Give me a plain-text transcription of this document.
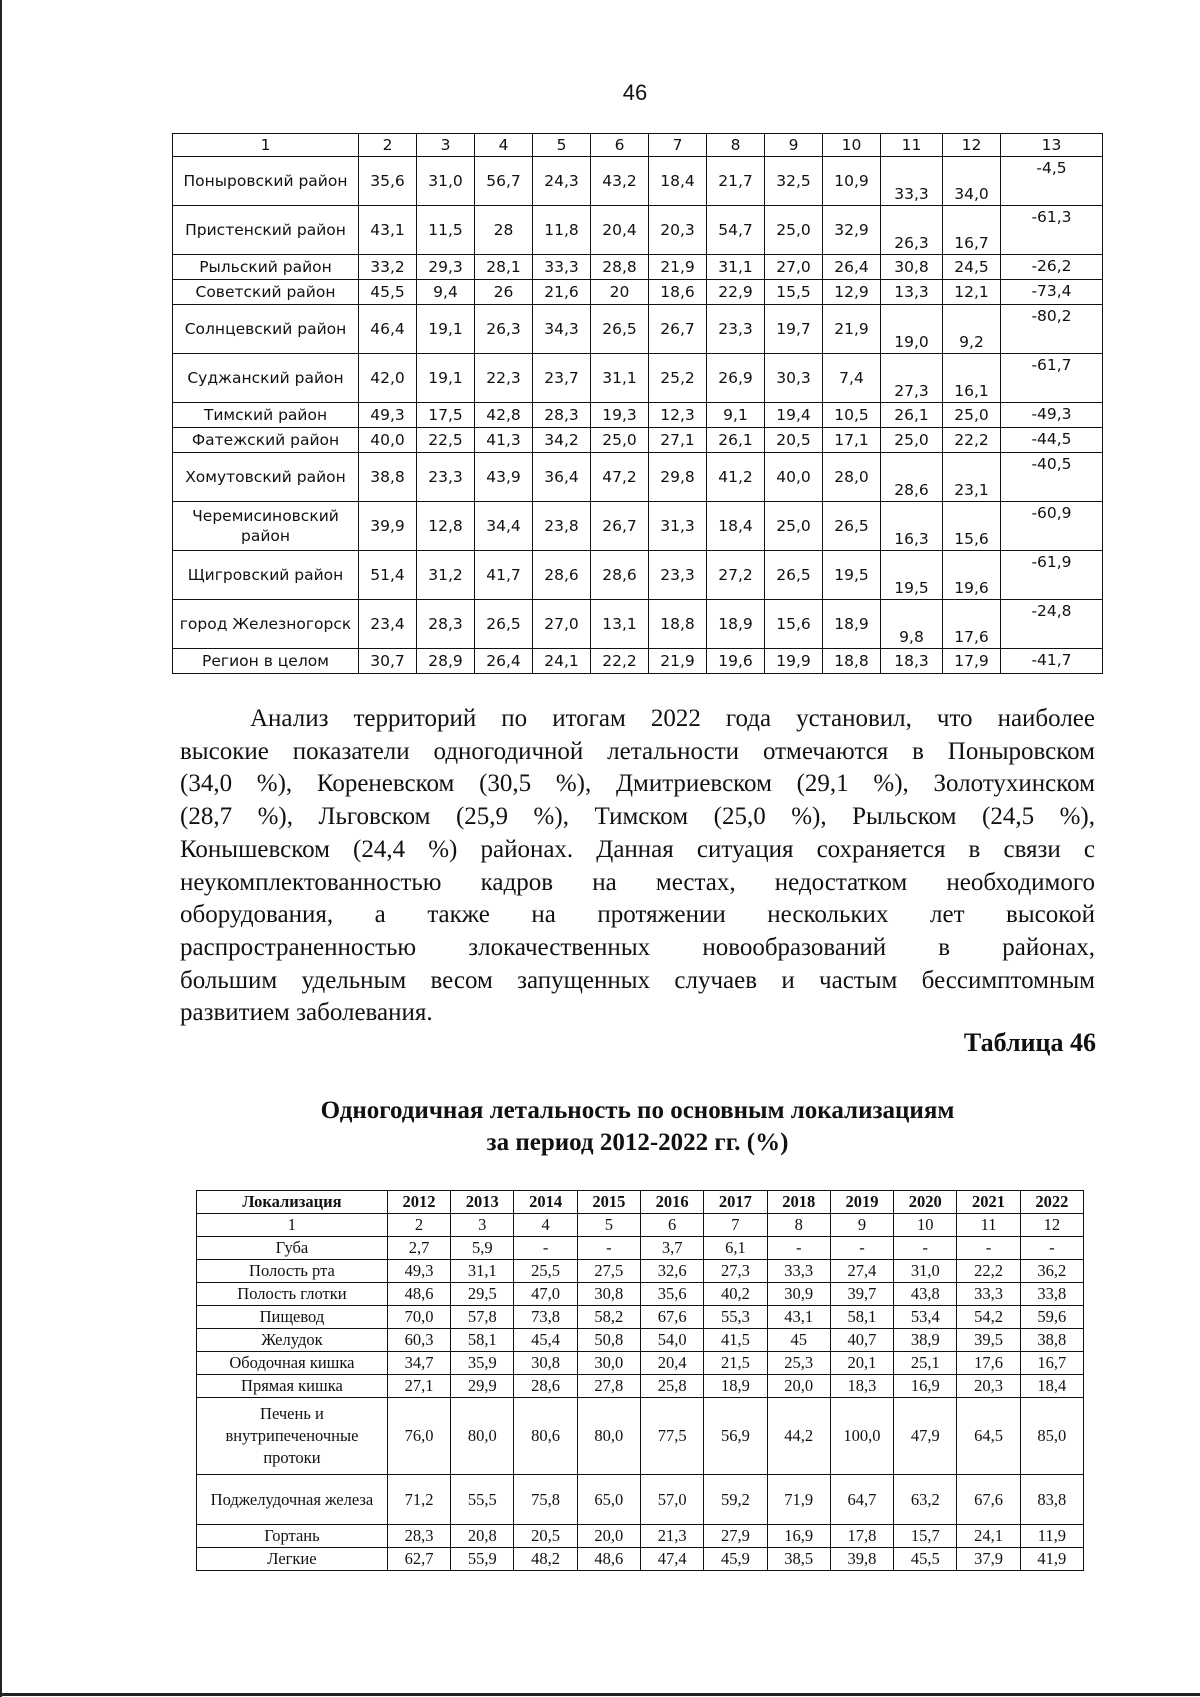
46
1	2	3	4	5	6	7	8	9	10	11	12	13
Поныровский район	35,6	31,0	56,7	24,3	43,2	18,4	21,7	32,5	10,9	33,3	34,0	-4,5
Пристенский район	43,1	11,5	28	11,8	20,4	20,3	54,7	25,0	32,9	26,3	16,7	-61,3
Рыльский район	33,2	29,3	28,1	33,3	28,8	21,9	31,1	27,0	26,4	30,8	24,5	-26,2
Советский район	45,5	9,4	26	21,6	20	18,6	22,9	15,5	12,9	13,3	12,1	-73,4
Солнцевский район	46,4	19,1	26,3	34,3	26,5	26,7	23,3	19,7	21,9	19,0	9,2	-80,2
Суджанский район	42,0	19,1	22,3	23,7	31,1	25,2	26,9	30,3	7,4	27,3	16,1	-61,7
Тимский район	49,3	17,5	42,8	28,3	19,3	12,3	9,1	19,4	10,5	26,1	25,0	-49,3
Фатежский район	40,0	22,5	41,3	34,2	25,0	27,1	26,1	20,5	17,1	25,0	22,2	-44,5
Хомутовский район	38,8	23,3	43,9	36,4	47,2	29,8	41,2	40,0	28,0	28,6	23,1	-40,5
Черемисиновский район	39,9	12,8	34,4	23,8	26,7	31,3	18,4	25,0	26,5	16,3	15,6	-60,9
Щигровский район	51,4	31,2	41,7	28,6	28,6	23,3	27,2	26,5	19,5	19,5	19,6	-61,9
город Железногорск	23,4	28,3	26,5	27,0	13,1	18,8	18,9	15,6	18,9	9,8	17,6	-24,8
Регион в целом	30,7	28,9	26,4	24,1	22,2	21,9	19,6	19,9	18,8	18,3	17,9	-41,7
Анализ территорий по итогам 2022 года установил, что наиболее
высокие показатели одногодичной летальности отмечаются в Поныровском
(34,0 %), Кореневском (30,5 %), Дмитриевском (29,1 %), Золотухинском
(28,7 %), Льговском (25,9 %), Тимском (25,0 %), Рыльском (24,5 %),
Конышевском (24,4 %) районах. Данная ситуация сохраняется в связи с
неукомплектованностью кадров на местах, недостатком необходимого
оборудования, а также на протяжении нескольких лет высокой
распространенностью злокачественных новообразований в районах,
большим удельным весом запущенных случаев и частым бессимптомным
развитием заболевания.
Таблица 46
Одногодичная летальность по основным локализациям
за период 2012-2022 гг. (%)
Локализация	2012	2013	2014	2015	2016	2017	2018	2019	2020	2021	2022
1	2	3	4	5	6	7	8	9	10	11	12
Губа	2,7	5,9	-	-	3,7	6,1	-	-	-	-	-
Полость рта	49,3	31,1	25,5	27,5	32,6	27,3	33,3	27,4	31,0	22,2	36,2
Полость глотки	48,6	29,5	47,0	30,8	35,6	40,2	30,9	39,7	43,8	33,3	33,8
Пищевод	70,0	57,8	73,8	58,2	67,6	55,3	43,1	58,1	53,4	54,2	59,6
Желудок	60,3	58,1	45,4	50,8	54,0	41,5	45	40,7	38,9	39,5	38,8
Ободочная кишка	34,7	35,9	30,8	30,0	20,4	21,5	25,3	20,1	25,1	17,6	16,7
Прямая кишка	27,1	29,9	28,6	27,8	25,8	18,9	20,0	18,3	16,9	20,3	18,4
Печень и внутрипеченочные протоки	76,0	80,0	80,6	80,0	77,5	56,9	44,2	100,0	47,9	64,5	85,0
Поджелудочная железа	71,2	55,5	75,8	65,0	57,0	59,2	71,9	64,7	63,2	67,6	83,8
Гортань	28,3	20,8	20,5	20,0	21,3	27,9	16,9	17,8	15,7	24,1	11,9
Легкие	62,7	55,9	48,2	48,6	47,4	45,9	38,5	39,8	45,5	37,9	41,9
